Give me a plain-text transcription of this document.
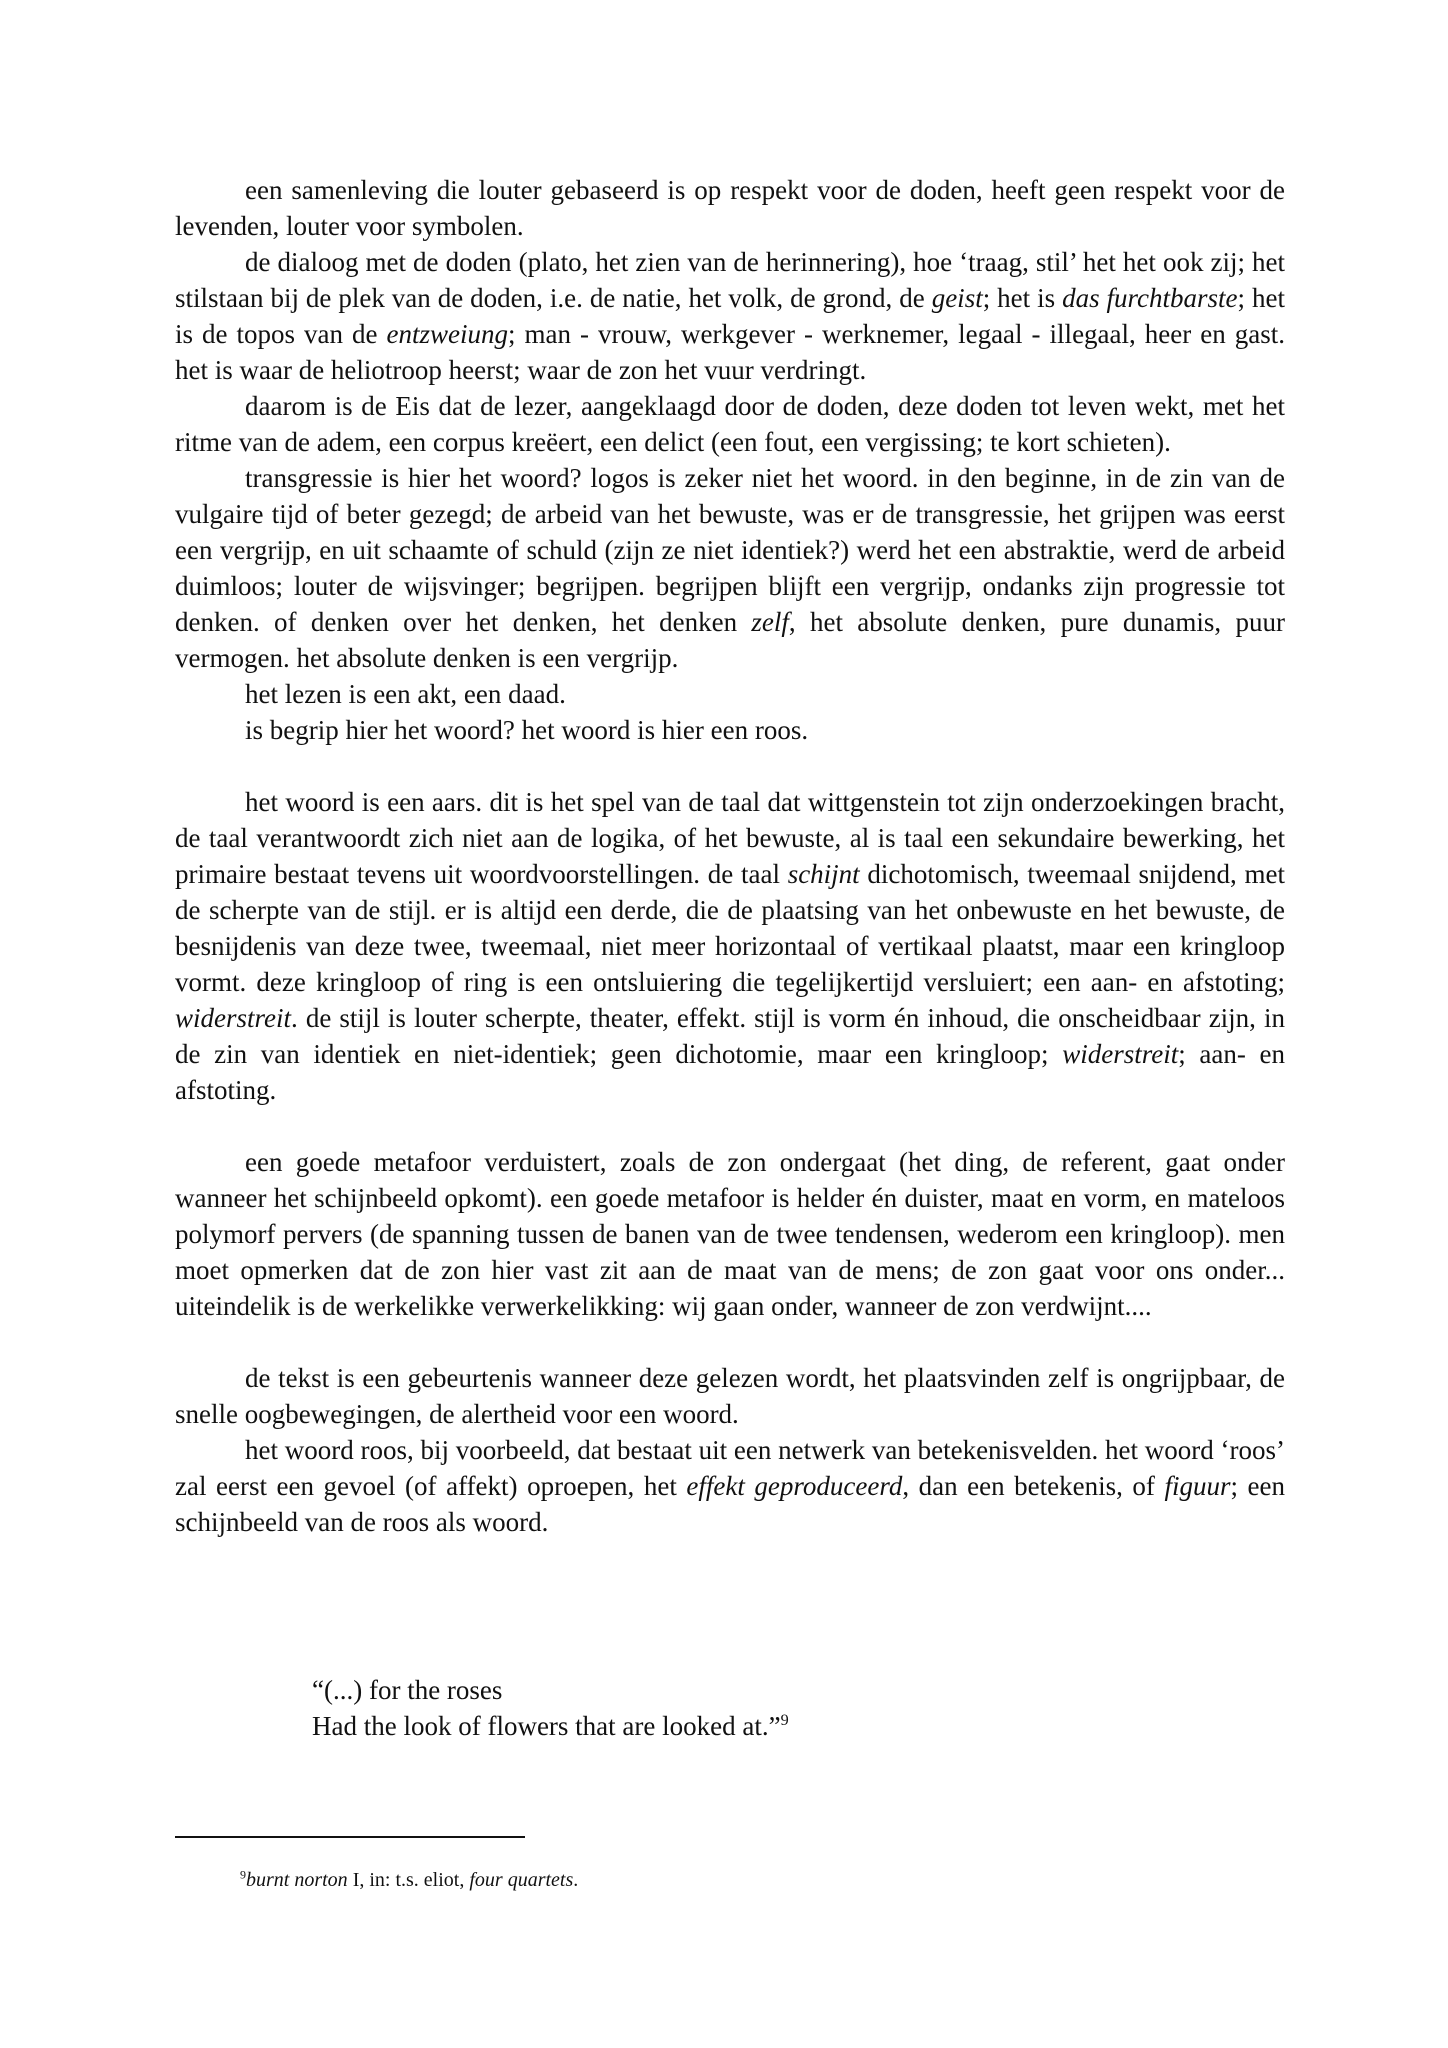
een samenleving die louter gebaseerd is op respekt voor de doden, heeft geen respekt voor de levenden, louter voor symbolen.

de dialoog met de doden (plato, het zien van de herinnering), hoe ‘traag, stil’ het het ook zij; het stilstaan bij de plek van de doden, i.e. de natie, het volk, de grond, de geist; het is das furchtbarste; het is de topos van de entzweiung; man - vrouw, werkgever - werknemer, legaal - illegaal, heer en gast. het is waar de heliotroop heerst; waar de zon het vuur verdringt.

daarom is de Eis dat de lezer, aangeklaagd door de doden, deze doden tot leven wekt, met het ritme van de adem, een corpus kreëert, een delict (een fout, een vergissing; te kort schieten).

transgressie is hier het woord? logos is zeker niet het woord. in den beginne, in de zin van de vulgaire tijd of beter gezegd; de arbeid van het bewuste, was er de transgressie, het grijpen was eerst een vergrijp, en uit schaamte of schuld (zijn ze niet identiek?) werd het een abstraktie, werd de arbeid duimloos; louter de wijsvinger; begrijpen. begrijpen blijft een vergrijp, ondanks zijn progressie tot denken. of denken over het denken, het denken zelf, het absolute denken, pure dunamis, puur vermogen. het absolute denken is een vergrijp.

het lezen is een akt, een daad.

is begrip hier het woord? het woord is hier een roos.

het woord is een aars. dit is het spel van de taal dat wittgenstein tot zijn onderzoekingen bracht, de taal verantwoordt zich niet aan de logika, of het bewuste, al is taal een sekundaire bewerking, het primaire bestaat tevens uit woordvoorstellingen. de taal schijnt dichotomisch, tweemaal snijdend, met de scherpte van de stijl. er is altijd een derde, die de plaatsing van het onbewuste en het bewuste, de besnijdenis van deze twee, tweemaal, niet meer horizontaal of vertikaal plaatst, maar een kringloop vormt. deze kringloop of ring is een ontsluiering die tegelijkertijd versluiert; een aan- en afstoting; widerstreit. de stijl is louter scherpte, theater, effekt. stijl is vorm én inhoud, die onscheidbaar zijn, in de zin van identiek en niet-identiek; geen dichotomie, maar een kringloop; widerstreit; aan- en afstoting.

een goede metafoor verduistert, zoals de zon ondergaat (het ding, de referent, gaat onder wanneer het schijnbeeld opkomt). een goede metafoor is helder én duister, maat en vorm, en mateloos polymorf pervers (de spanning tussen de banen van de twee tendensen, wederom een kringloop). men moet opmerken dat de zon hier vast zit aan de maat van de mens; de zon gaat voor ons onder... uiteindelik is de werkelikke verwerkelikking: wij gaan onder, wanneer de zon verdwijnt....

de tekst is een gebeurtenis wanneer deze gelezen wordt, het plaatsvinden zelf is ongrijpbaar, de snelle oogbewegingen, de alertheid voor een woord.

het woord roos, bij voorbeeld, dat bestaat uit een netwerk van betekenisvelden. het woord ‘roos’ zal eerst een gevoel (of affekt) oproepen, het effekt geproduceerd, dan een betekenis, of figuur; een schijnbeeld van de roos als woord.

“(...) for the roses
Had the look of flowers that are looked at.”$^9$
$^9$burnt norton I, in: t.s. eliot, four quartets.
